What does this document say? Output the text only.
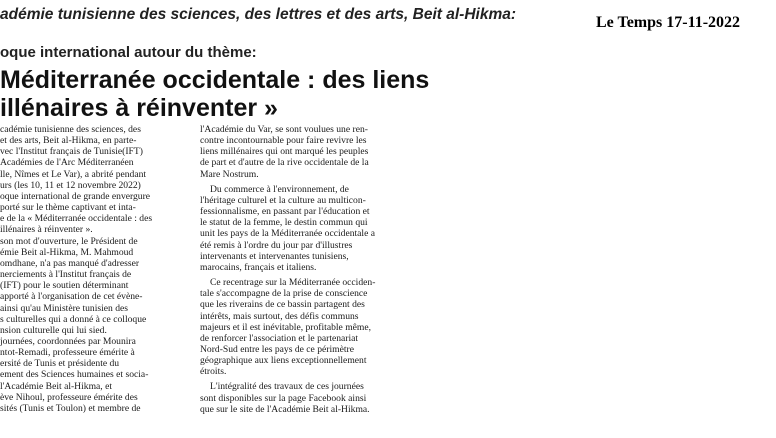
adémie tunisienne des sciences, des lettres et des arts, Beit al-Hikma:	Le Temps 17-11-2022
oque international autour du thème:
Méditerranée occidentale : des liens
illénaires à réinventer »
cadémie tunisienne des sciences, des
et des arts, Beit al-Hikma, en parte-
vec l'Institut français de Tunisie(IFT)
Académies de l'Arc Méditerranéen
lle, Nîmes et Le Var), a abrité pendant
urs (les 10, 11 et 12 novembre 2022)
oque international de grande envergure
porté sur le thème captivant et inta-
e de la « Méditerranée occidentale : des
illénaires à réinventer ».
son mot d'ouverture, le Président de
émie Beit al-Hikma, M. Mahmoud
omdhane, n'a pas manqué d'adresser
nerciements à l'Institut français de
(IFT) pour le soutien déterminant
apporté à l'organisation de cet évène-
ainsi qu'au Ministère tunisien des
s culturelles qui a donné à ce colloque
nsion culturelle qui lui sied.
journées, coordonnées par Mounira
ntot-Remadi, professeure émérite à
ersité de Tunis et présidente du
ement des Sciences humaines et socia-
l'Académie Beit al-Hikma, et
ève Nihoul, professeure émérite des
sités (Tunis et Toulon) et membre de
l'Académie du Var, se sont voulues une ren-
contre incontournable pour faire revivre les
liens millénaires qui ont marqué les peuples
de part et d'autre de la rive occidentale de la
Mare Nostrum.
Du commerce à l'environnement, de
l'héritage culturel et la culture au multicon-
fessionnalisme, en passant par l'éducation et
le statut de la femme, le destin commun qui
unit les pays de la Méditerranée occidentale a
été remis à l'ordre du jour par d'illustres
intervenants et intervenantes tunisiens,
marocains, français et italiens.
Ce recentrage sur la Méditerranée occiden-
tale s'accompagne de la prise de conscience
que les riverains de ce bassin partagent des
intérêts, mais surtout, des défis communs
majeurs et il est inévitable, profitable même,
de renforcer l'association et le partenariat
Nord-Sud entre les pays de ce périmètre
géographique aux liens exceptionnellement
étroits.
L'intégralité des travaux de ces journées
sont disponibles sur la page Facebook ainsi
que sur le site de l'Académie Beit al-Hikma.
